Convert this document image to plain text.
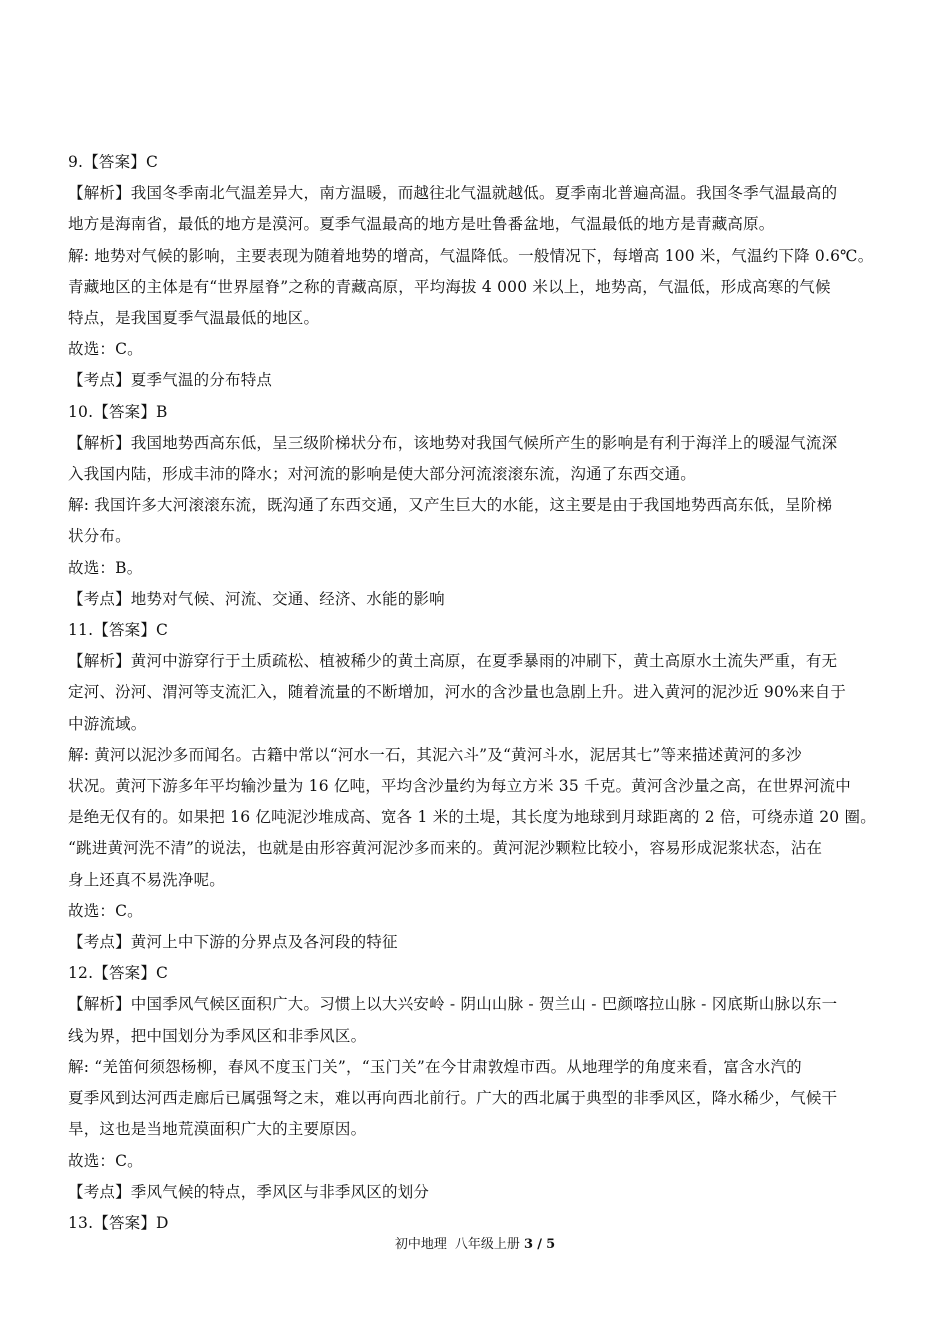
9.【答案】C
【解析】我国冬季南北气温差异大，南方温暖，而越往北气温就越低。夏季南北普遍高温。我国冬季气温最高的
地方是海南省，最低的地方是漠河。夏季气温最高的地方是吐鲁番盆地，气温最低的地方是青藏高原。
解: 地势对气候的影响，主要表现为随着地势的增高，气温降低。一般情况下，每增高 100 米，气温约下降 0.6℃。
青藏地区的主体是有“世界屋脊”之称的青藏高原，平均海拔 4 000 米以上，地势高，气温低，形成高寒的气候
特点，是我国夏季气温最低的地区。
故选：C。
【考点】夏季气温的分布特点
10.【答案】B
【解析】我国地势西高东低，呈三级阶梯状分布，该地势对我国气候所产生的影响是有利于海洋上的暖湿气流深
入我国内陆，形成丰沛的降水；对河流的影响是使大部分河流滚滚东流，沟通了东西交通。
解: 我国许多大河滚滚东流，既沟通了东西交通，又产生巨大的水能，这主要是由于我国地势西高东低，呈阶梯
状分布。
故选：B。
【考点】地势对气候、河流、交通、经济、水能的影响
11.【答案】C
【解析】黄河中游穿行于土质疏松、植被稀少的黄土高原，在夏季暴雨的冲刷下，黄土高原水土流失严重，有无
定河、汾河、渭河等支流汇入，随着流量的不断增加，河水的含沙量也急剧上升。进入黄河的泥沙近 90%来自于
中游流域。
解: 黄河以泥沙多而闻名。古籍中常以“河水一石，其泥六斗”及“黄河斗水，泥居其七”等来描述黄河的多沙
状况。黄河下游多年平均输沙量为 16 亿吨，平均含沙量约为每立方米 35 千克。黄河含沙量之高，在世界河流中
是绝无仅有的。如果把 16 亿吨泥沙堆成高、宽各 1 米的土堤，其长度为地球到月球距离的 2 倍，可绕赤道 20 圈。
“跳进黄河洗不清”的说法，也就是由形容黄河泥沙多而来的。黄河泥沙颗粒比较小，容易形成泥浆状态，沾在
身上还真不易洗净呢。
故选：C。
【考点】黄河上中下游的分界点及各河段的特征
12.【答案】C
【解析】中国季风气候区面积广大。习惯上以大兴安岭 - 阴山山脉 - 贺兰山 - 巴颜喀拉山脉 - 冈底斯山脉以东一
线为界，把中国划分为季风区和非季风区。
解: “羌笛何须怨杨柳，春风不度玉门关”，“玉门关”在今甘肃敦煌市西。从地理学的角度来看，富含水汽的
夏季风到达河西走廊后已属强弩之末，难以再向西北前行。广大的西北属于典型的非季风区，降水稀少，气候干
旱，这也是当地荒漠面积广大的主要原因。
故选：C。
【考点】季风气候的特点，季风区与非季风区的划分
13.【答案】D
初中地理 八年级上册 3 / 5
